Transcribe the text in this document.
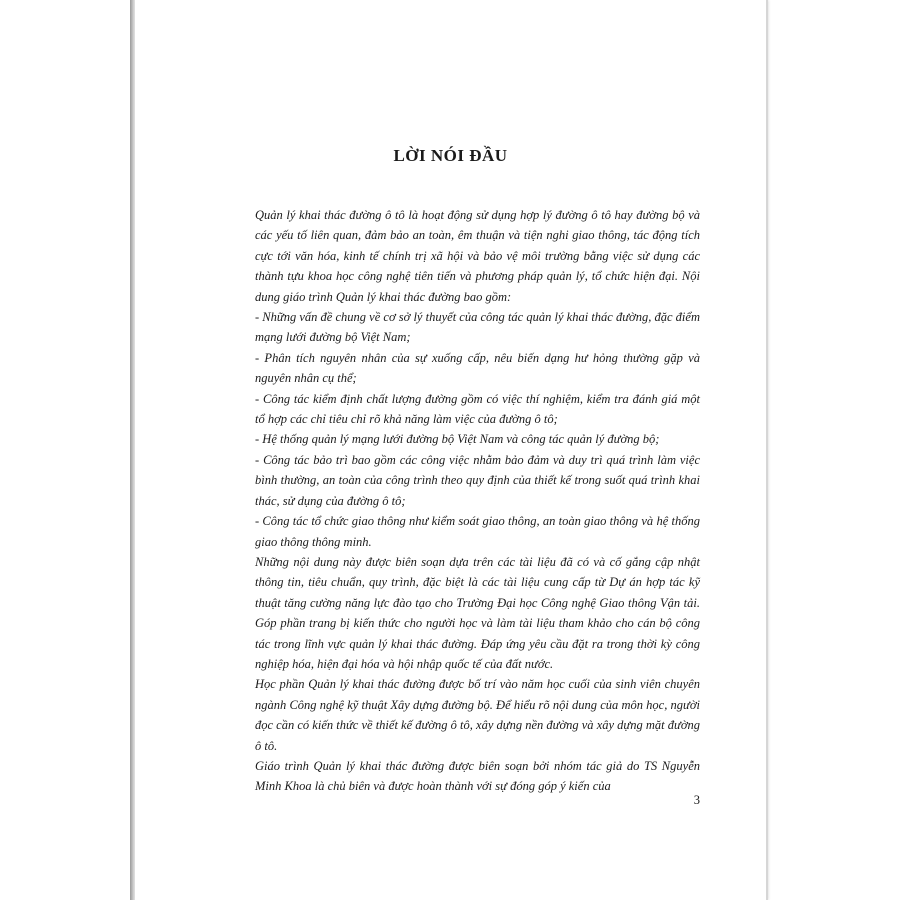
LỜI NÓI ĐẦU

Quản lý khai thác đường ô tô là hoạt động sử dụng hợp lý đường ô tô hay đường bộ và các yếu tố liên quan, đảm bảo an toàn, êm thuận và tiện nghi giao thông, tác động tích cực tới văn hóa, kinh tế chính trị xã hội và bảo vệ môi trường bằng việc sử dụng các thành tựu khoa học công nghệ tiên tiến và phương pháp quản lý, tổ chức hiện đại. Nội dung giáo trình Quản lý khai thác đường bao gồm:

- Những vấn đề chung về cơ sở lý thuyết của công tác quản lý khai thác đường, đặc điểm mạng lưới đường bộ Việt Nam;

- Phân tích nguyên nhân của sự xuống cấp, nêu biến dạng hư hỏng thường gặp và nguyên nhân cụ thể;

- Công tác kiểm định chất lượng đường gồm có việc thí nghiệm, kiểm tra đánh giá một tổ hợp các chỉ tiêu chỉ rõ khả năng làm việc của đường ô tô;

- Hệ thống quản lý mạng lưới đường bộ Việt Nam và công tác quản lý đường bộ;

- Công tác bảo trì bao gồm các công việc nhằm bảo đảm và duy trì quá trình làm việc bình thường, an toàn của công trình theo quy định của thiết kế trong suốt quá trình khai thác, sử dụng của đường ô tô;

- Công tác tổ chức giao thông như kiểm soát giao thông, an toàn giao thông và hệ thống giao thông thông minh.

Những nội dung này được biên soạn dựa trên các tài liệu đã có và cố gắng cập nhật thông tin, tiêu chuẩn, quy trình, đặc biệt là các tài liệu cung cấp từ Dự án hợp tác kỹ thuật tăng cường năng lực đào tạo cho Trường Đại học Công nghệ Giao thông Vận tải. Góp phần trang bị kiến thức cho người học và làm tài liệu tham khảo cho cán bộ công tác trong lĩnh vực quản lý khai thác đường. Đáp ứng yêu cầu đặt ra trong thời kỳ công nghiệp hóa, hiện đại hóa và hội nhập quốc tế của đất nước.

Học phần Quản lý khai thác đường được bố trí vào năm học cuối của sinh viên chuyên ngành Công nghệ kỹ thuật Xây dựng đường bộ. Để hiểu rõ nội dung của môn học, người đọc cần có kiến thức về thiết kế đường ô tô, xây dựng nền đường và xây dựng mặt đường ô tô.

Giáo trình Quản lý khai thác đường được biên soạn bởi nhóm tác giả do TS Nguyễn Minh Khoa là chủ biên và được hoàn thành với sự đóng góp ý kiến của

3
